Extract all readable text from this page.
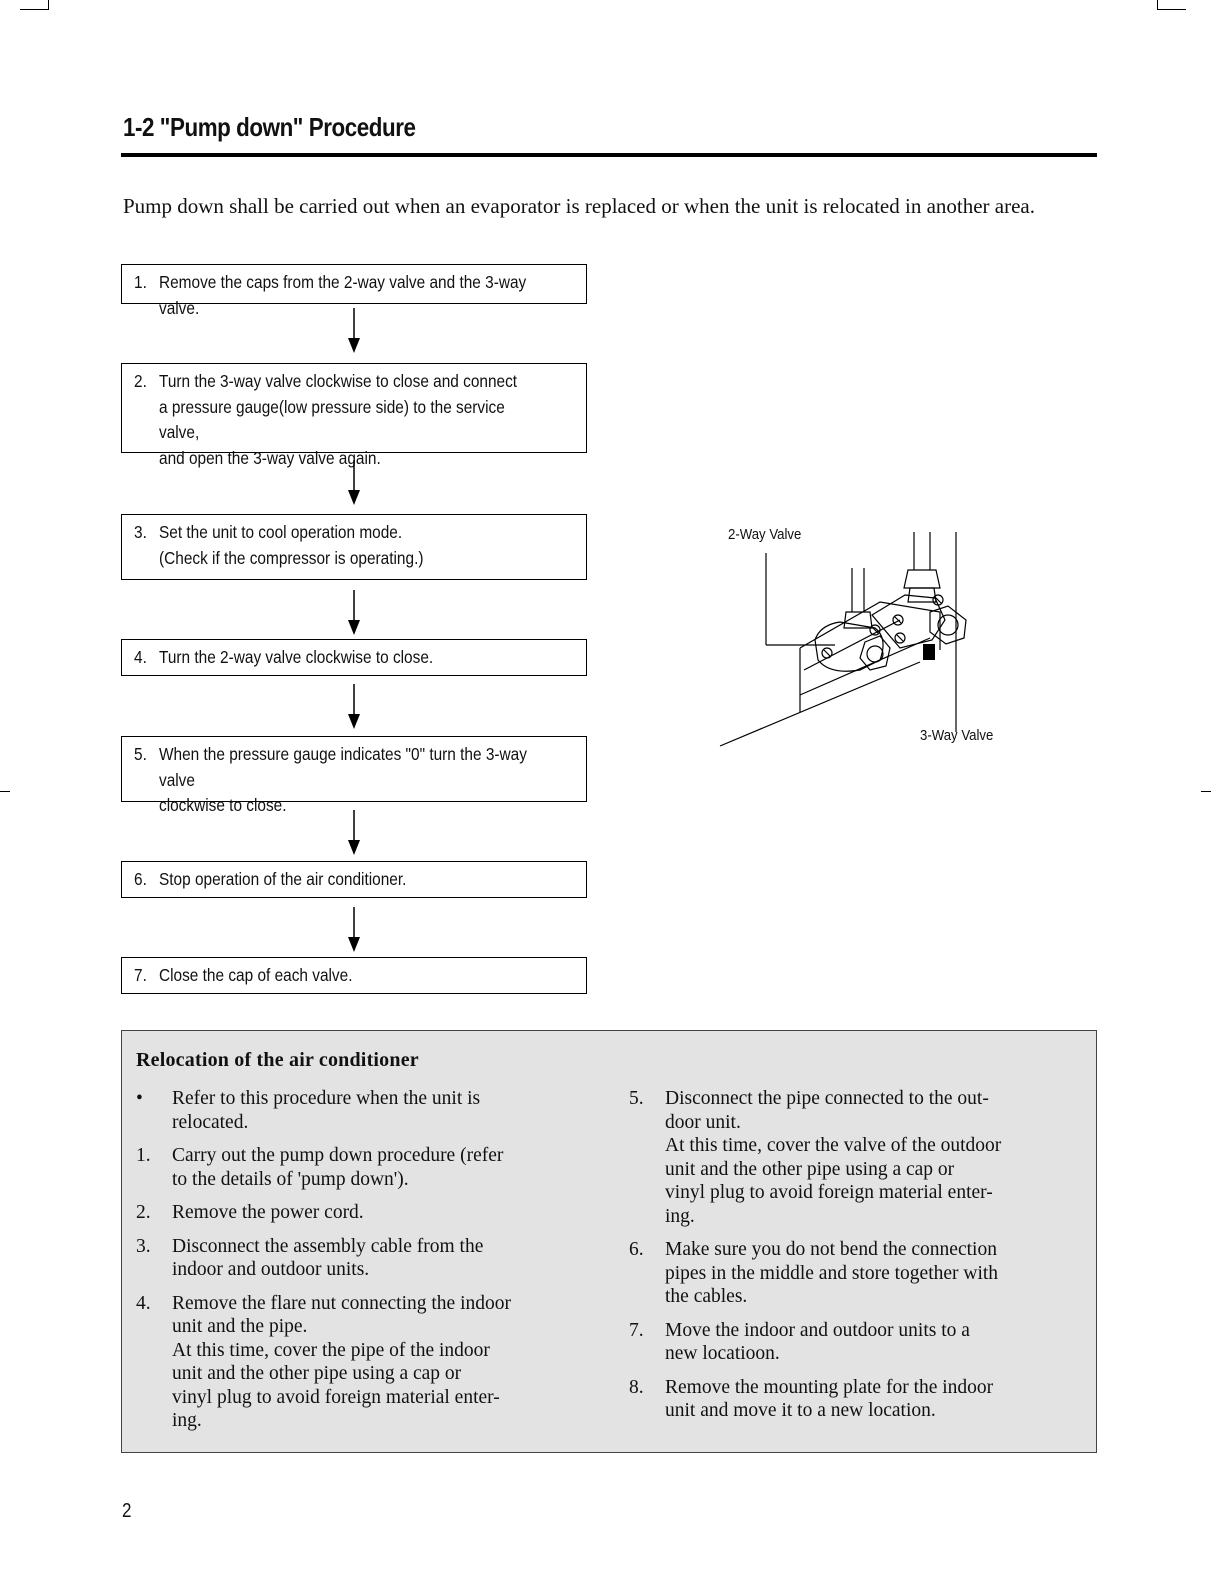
1-2 "Pump down" Procedure
Pump down shall be carried out when an evaporator is replaced or when the unit is relocated in another area.
1. Remove the caps from the 2-way valve and the 3-way valve.
2. Turn the 3-way valve clockwise to close and connect
a pressure gauge(low pressure side) to the service valve,
and open the 3-way valve again.
3. Set the unit to cool operation mode.
(Check if the compressor is operating.)
4. Turn the 2-way valve clockwise to close.
5. When the pressure gauge indicates "0" turn the 3-way valve
clockwise to close.
6. Stop operation of the air conditioner.
7. Close the cap of each valve.
2-Way Valve
3-Way Valve
Relocation of the air conditioner
•	Refer to this procedure when the unit is
relocated.
1.	Carry out the pump down procedure (refer
to the details of 'pump down').
2.	Remove the power cord.
3.	Disconnect the assembly cable from the
indoor and outdoor units.
4.	Remove the flare nut connecting the indoor
unit and the pipe.
At this time, cover the pipe of the indoor
unit and the other pipe using a cap or
vinyl plug to avoid foreign material enter-
ing.
5.	Disconnect the pipe connected to the out-
door unit.
At this time, cover the valve of the outdoor
unit and the other pipe using a cap or
vinyl plug to avoid foreign material enter-
ing.
6.	Make sure you do not bend the connection
pipes in the middle and store together with
the cables.
7.	Move the indoor and outdoor units to a
new locatioon.
8.	Remove the mounting plate for the indoor
unit and move it to a new location.
2
